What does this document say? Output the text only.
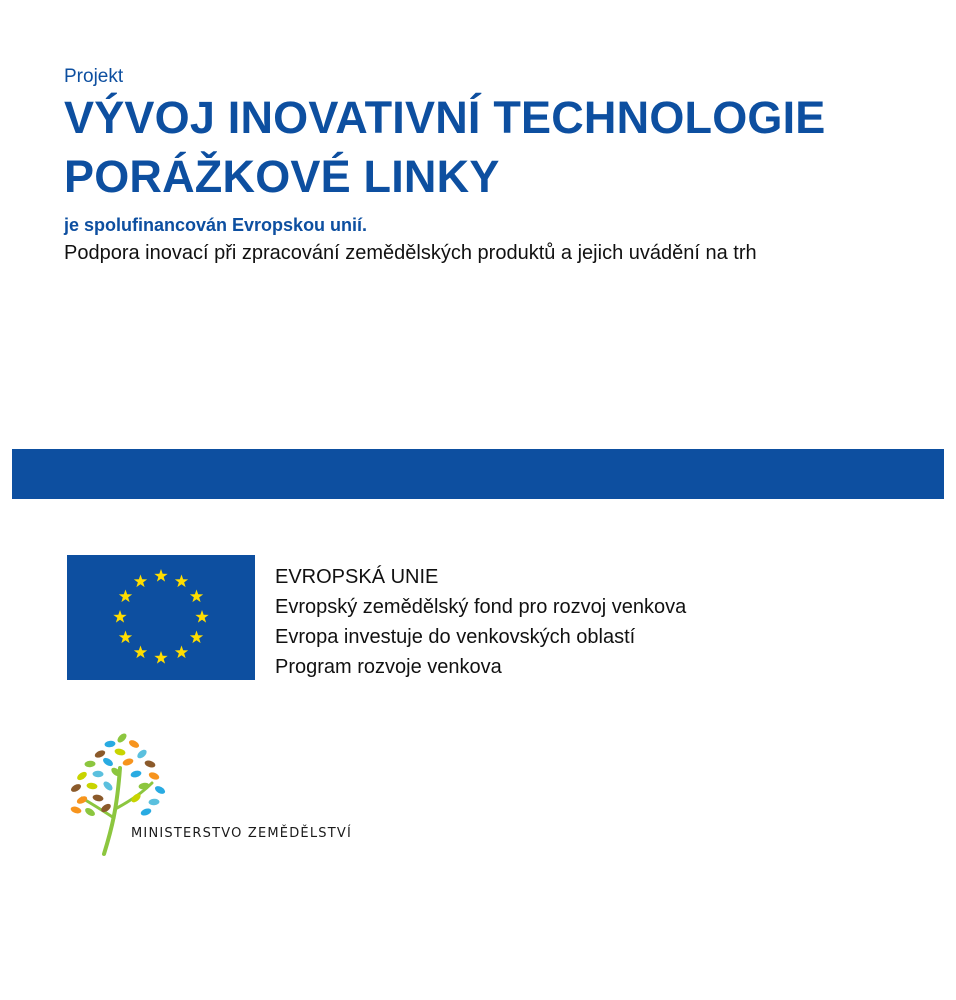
Projekt

VÝVOJ INOVATIVNÍ TECHNOLOGIE
PORÁŽKOVÉ LINKY

je spolufinancován Evropskou unií.

Podpora inovací při zpracování zemědělských produktů a jejich uvádění na trh

EVROPSKÁ UNIE
Evropský zemědělský fond pro rozvoj venkova
Evropa investuje do venkovských oblastí
Program rozvoje venkova
MINISTERSTVO ZEMĚDĚLSTVÍ
